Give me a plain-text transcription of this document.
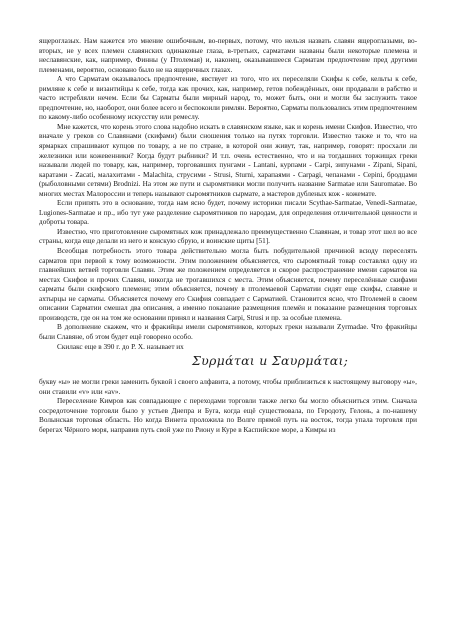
ящерoглазых. Нам кажется это мнение ошибочным, во-первых, потому, что нельзя назвать славян ящероглазыми, во-вторых, не у всех племен славянских одинаковые глаза, в-третьих, сарматами названы были некоторые племена и неславянские, как, например, Финны (у Птолемая) и, наконец, оказывавшееся Сарматам предпочтение пред другими племенами, вероятно, основано было не на ящеричных глазах.

А что Сарматам оказывалось предпочтение, явствует из того, что их переселяли Скифы к себе, кельты к себе, римляне к себе и византийцы к себе, тогда как прочих, как, например, гетов побеждённых, они продавали в рабство и часто истребляли нечем. Если бы Сарматы были мирный народ, то, может быть, они и могли бы заслужить такое предпочтение, но, наоборот, они более всего и беспокоили римлян. Вероятно, Сарматы пользовались этим предпочтением по какому-либо особенному искусству или ремеслу.

Мне кажется, что корень этого слова надобно искать в славянском языке, как и корень имени Скифов. Известно, что вначале у греков со Славянами (скифами) были сношения только на путях торговли. Известно также и то, что на ярмарках спрашивают купцов по товару, а не по стране, в которой они живут, так, например, говорят: просхали ли железники или кожевенники? Когда будут рыбники? И т.п. очень естественно, что и на тогдашних торжищах греки называли людей по товару, как, например, торговавших пунгами - Lantani, курпами - Carpi, зипунами - Zipani, Sipani, каратами - Zacati, малахитами - Malachita, струсими - Strusi, Sturni, харапаями - Carpagi, чепанами - Cepini, бродцами (рыболовными сетями) Brodnizi. На этом же пути и сыромятники могли получить название Sarmatae или Sauromatae. Во многих местах Малороссии и теперь называют сыромятников сырмате, а мастеров дубленых кож - кожемате.

Если припять это в основание, тогда нам ясно будет, почему историки писали Scythae-Sarmatae, Venedi-Sarmatae, Lugiones-Sarmatae и пр., ибо тут уже разделение сыромятников по народам, для определения отличительной ценности и доброты товара.

Известно, что приготовление сыромятных кож принадлежало преимущественно Славянам, и товар этот шел во все страны, когда еще делали из него и конскую сбрую, и воинские щиты [51].

Всеобщая потребность этого товара действительно могла быть побудительной причиной всюду переселять сарматов при первой к тому возможности. Этим положением объясняется, что сыромятный товар составлял одну из главнейших ветвей торговли Славян. Этим же положением определяется и скорое распространение имени сарматов на местах Скифов и прочих Славян, никогда не трогавшихся с места. Этим объясняется, почему переселённые скифами сарматы были скифского племени; этим объясняется, почему в птолемаевой Сарматии сидят еще скифы, славяне и ахтырцы не сарматы. Объясняется почему его Скифия совпадает с Сарматией. Становится ясно, что Птолемей в своем описании Сарматии смешал два описания, а именно показание размещения племён и показание размещения торговых производств, где он на том же основании принял и названия Carpi, Strusi и пр. за особые племена.

В дополнение скажем, что и фракийцы имели сыромятников, которых греки называли Zyrmadae. Что фракийцы были Славяне, об этом будет ещё говорено особо.

Скилакс еще в 390 г. до Р. Х. называет их

Συρμάται и Σαυρμάται;

букву «ы» не могли греки заменить буквой i своего алфавита, а потому, чтобы приблизиться к настоящему выговору «ы», они ставили «v» или «av».

Переселение Кимров как совпадающее с переходами торговли также легко бы могло объясниться этим. Сначала сосредоточение торговли было у устьев Днепра и Буга, когда ещё существовала, по Геродоту, Гелонь, а по-нашему Волынская торговая область. Но когда Винета проложила по Волге прямой путь на восток, тогда упала торговля при берегах Чёрного моря, направив путь свой уже по Риону и Куре в Каспийское море, а Кимры из
